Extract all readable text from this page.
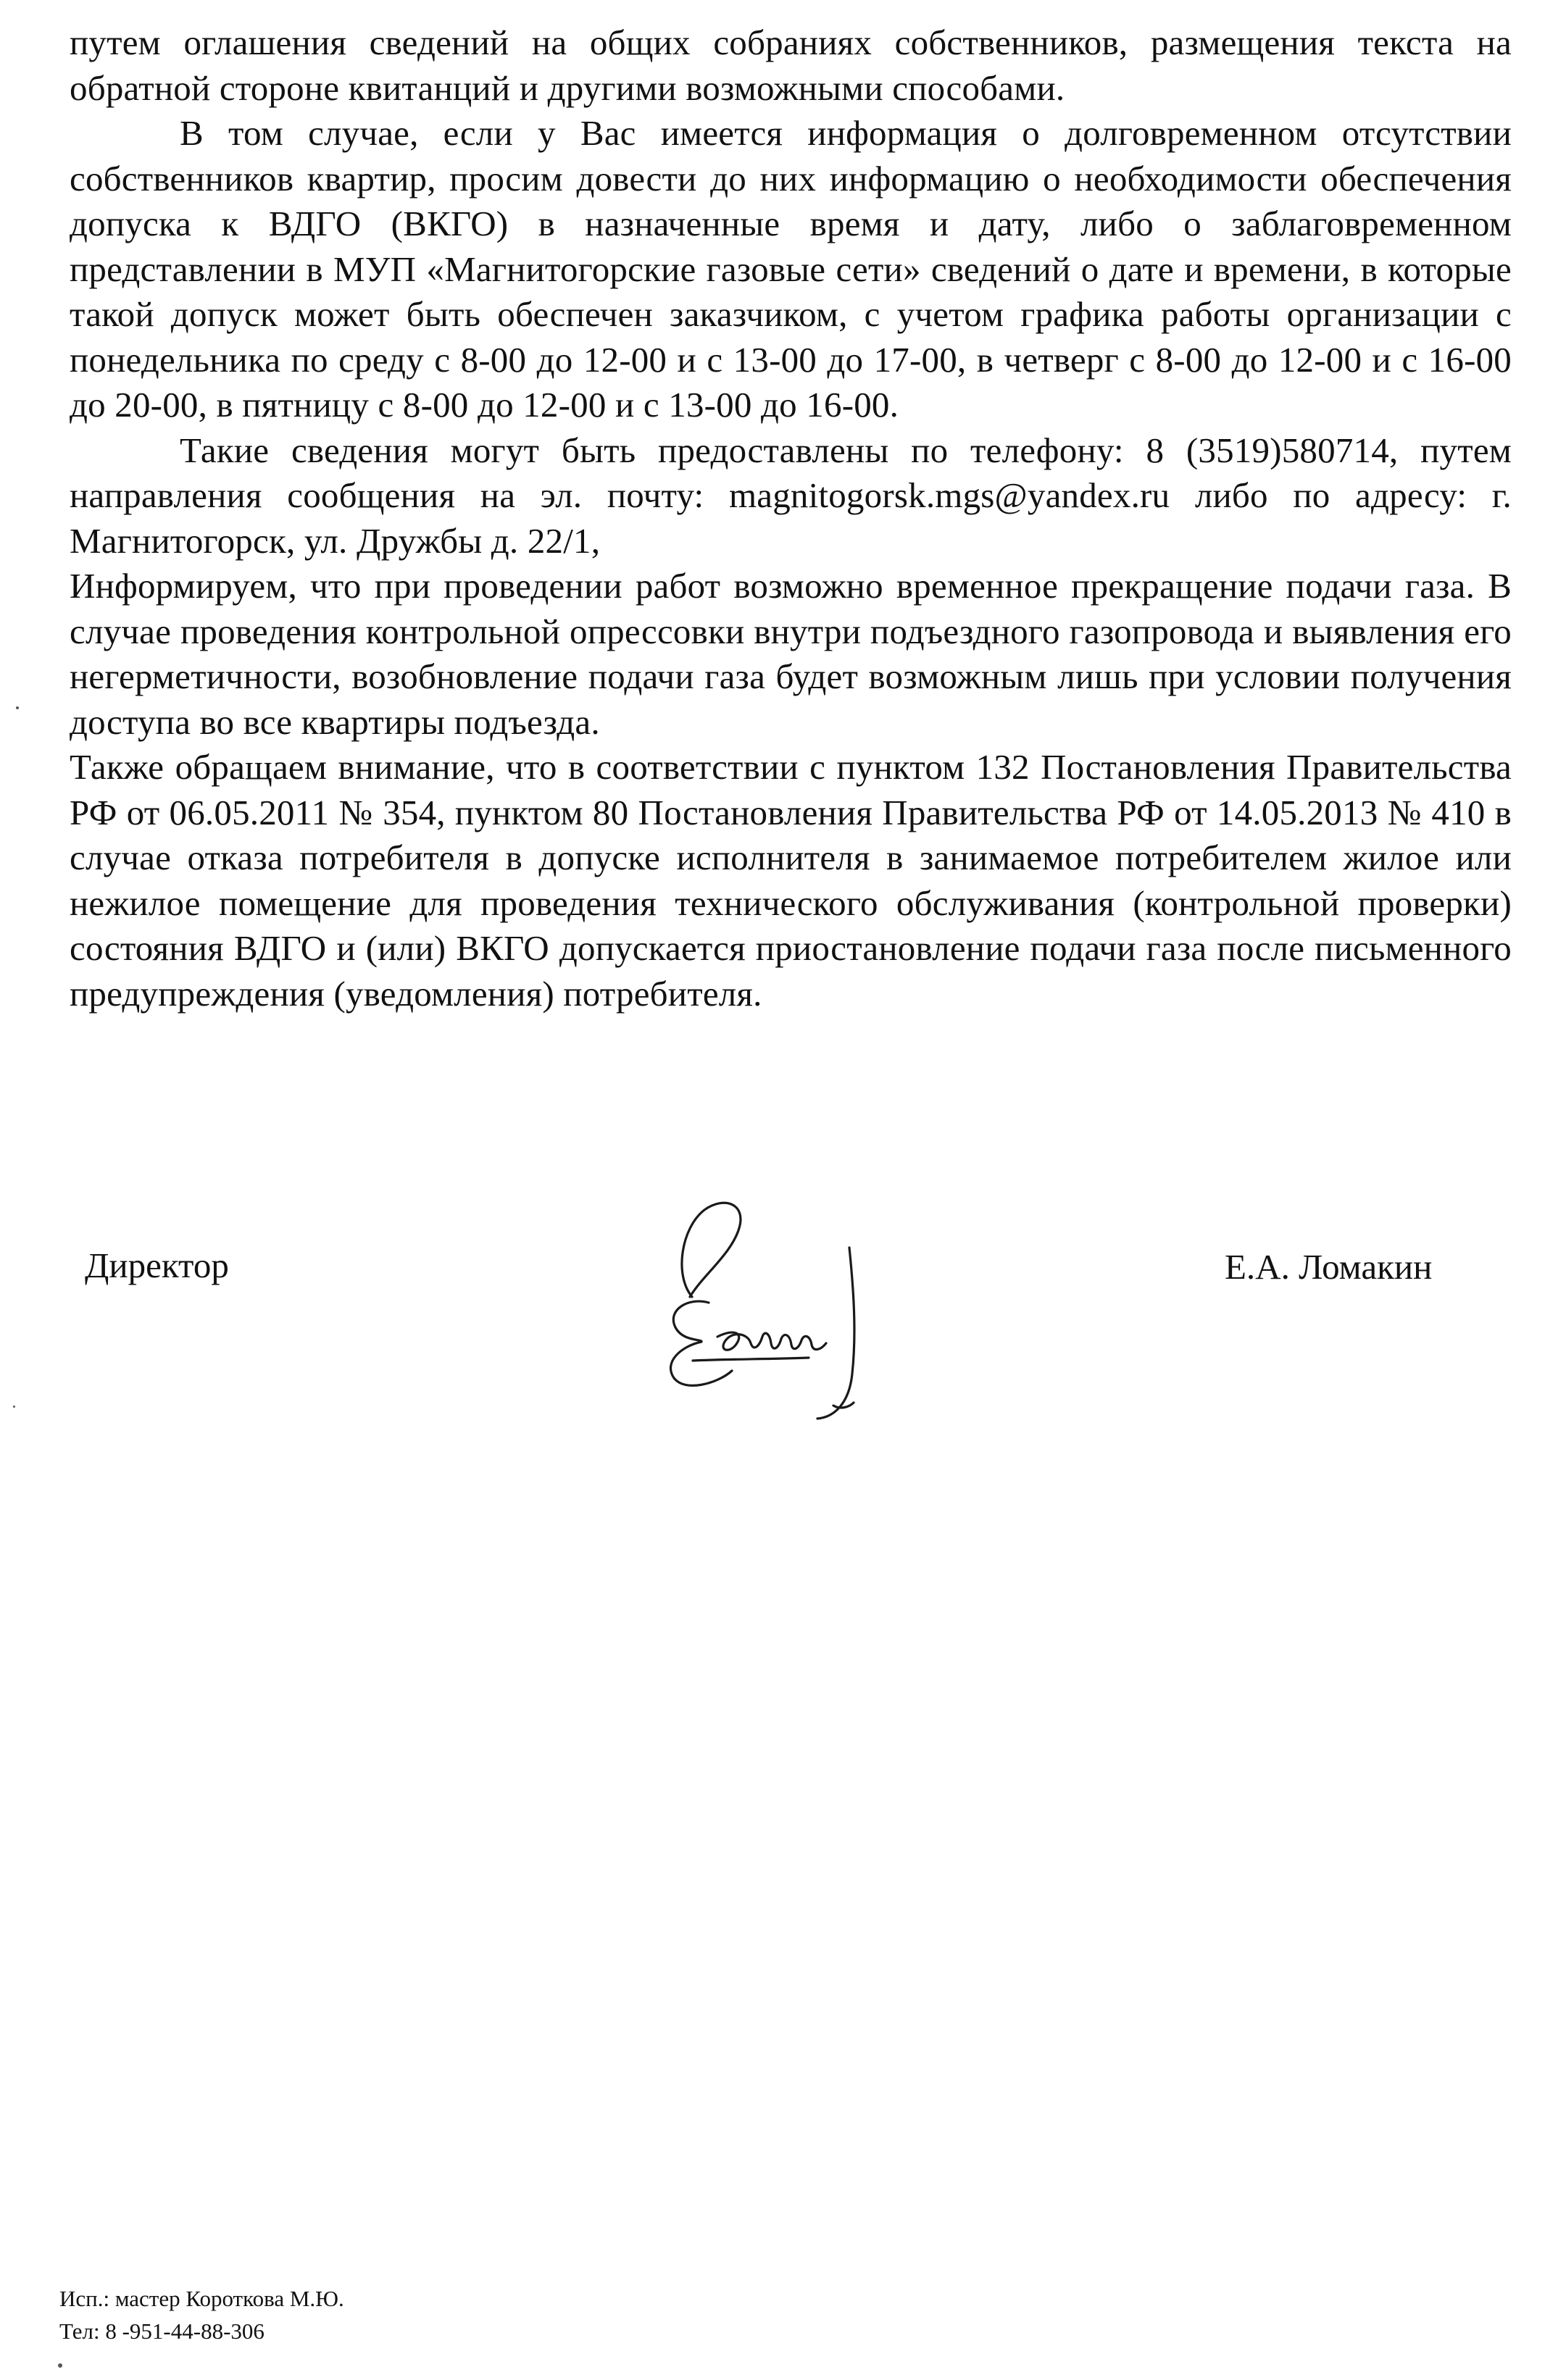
путем оглашения сведений на общих собраниях собственников, размещения текста на обратной стороне квитанций и другими возможными способами.

В том случае, если у Вас имеется информация о долговременном отсутствии собственников квартир, просим довести до них информацию о необходимости обеспечения допуска к ВДГО (ВКГО) в назначенные время и дату, либо о заблаговременном представлении в МУП «Магнитогорские газовые сети» сведений о дате и времени, в которые такой допуск может быть обеспечен заказчиком, с учетом графика работы организации с понедельника по среду с 8-00 до 12-00 и с 13-00 до 17-00, в четверг с 8-00 до 12-00 и с 16-00 до 20-00, в пятницу с 8-00 до 12-00 и с 13-00 до 16-00.

Такие сведения могут быть предоставлены по телефону: 8 (3519)580714, путем направления сообщения на эл. почту: magnitogorsk.mgs@yandex.ru либо по адресу: г. Магнитогорск, ул. Дружбы д. 22/1,

Информируем, что при проведении работ возможно временное прекращение подачи газа. В случае проведения контрольной опрессовки внутри подъездного газопровода и выявления его негерметичности, возобновление подачи газа будет возможным лишь при условии получения доступа во все квартиры подъезда.

Также обращаем внимание, что в соответствии с пунктом 132 Постановления Правительства РФ от 06.05.2011 № 354, пунктом 80 Постановления Правительства РФ от 14.05.2013 № 410 в случае отказа потребителя в допуске исполнителя в занимаемое потребителем жилое или нежилое помещение для проведения технического обслуживания (контрольной проверки) состояния ВДГО и (или) ВКГО допускается приостановление подачи газа после письменного предупреждения (уведомления) потребителя.

Директор	Е.А. Ломакин
Исп.: мастер Короткова М.Ю.
Тел: 8 -951-44-88-306
